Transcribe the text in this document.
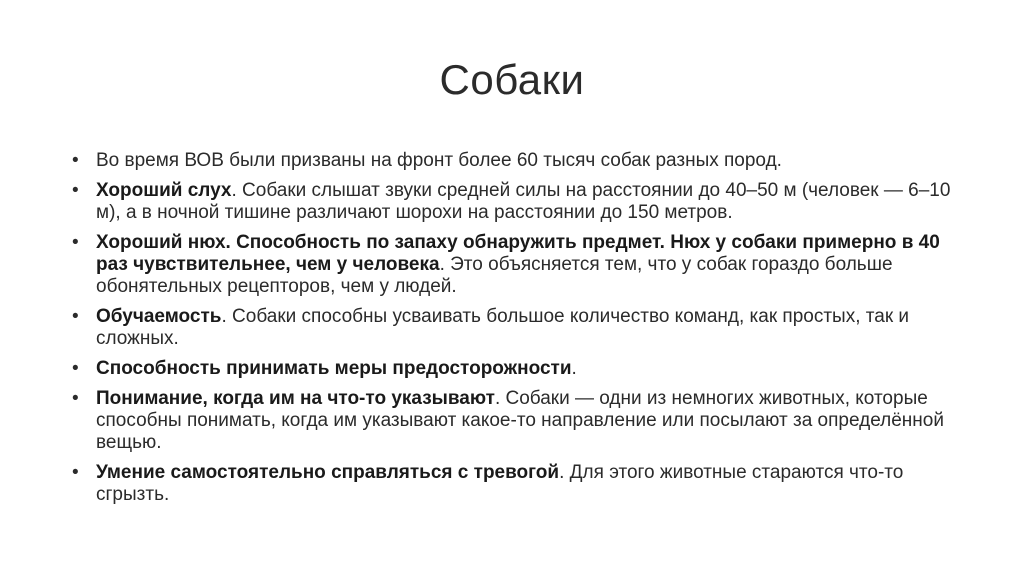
Собаки
• Во время ВОВ были призваны на фронт более 60 тысяч собак разных пород.
• Хороший слух. Собаки слышат звуки средней силы на расстоянии до 40–50 м (человек — 6–10 м), а в ночной тишине различают шорохи на расстоянии до 150 метров.
• Хороший нюх. Способность по запаху обнаружить предмет. Нюх у собаки примерно в 40 раз чувствительнее, чем у человека. Это объясняется тем, что у собак гораздо больше обонятельных рецепторов, чем у людей.
• Обучаемость. Собаки способны усваивать большое количество команд, как простых, так и сложных.
• Способность принимать меры предосторожности.
• Понимание, когда им на что-то указывают. Собаки — одни из немногих животных, которые способны понимать, когда им указывают какое-то направление или посылают за определённой вещью.
• Умение самостоятельно справляться с тревогой. Для этого животные стараются что-то сгрызть.
